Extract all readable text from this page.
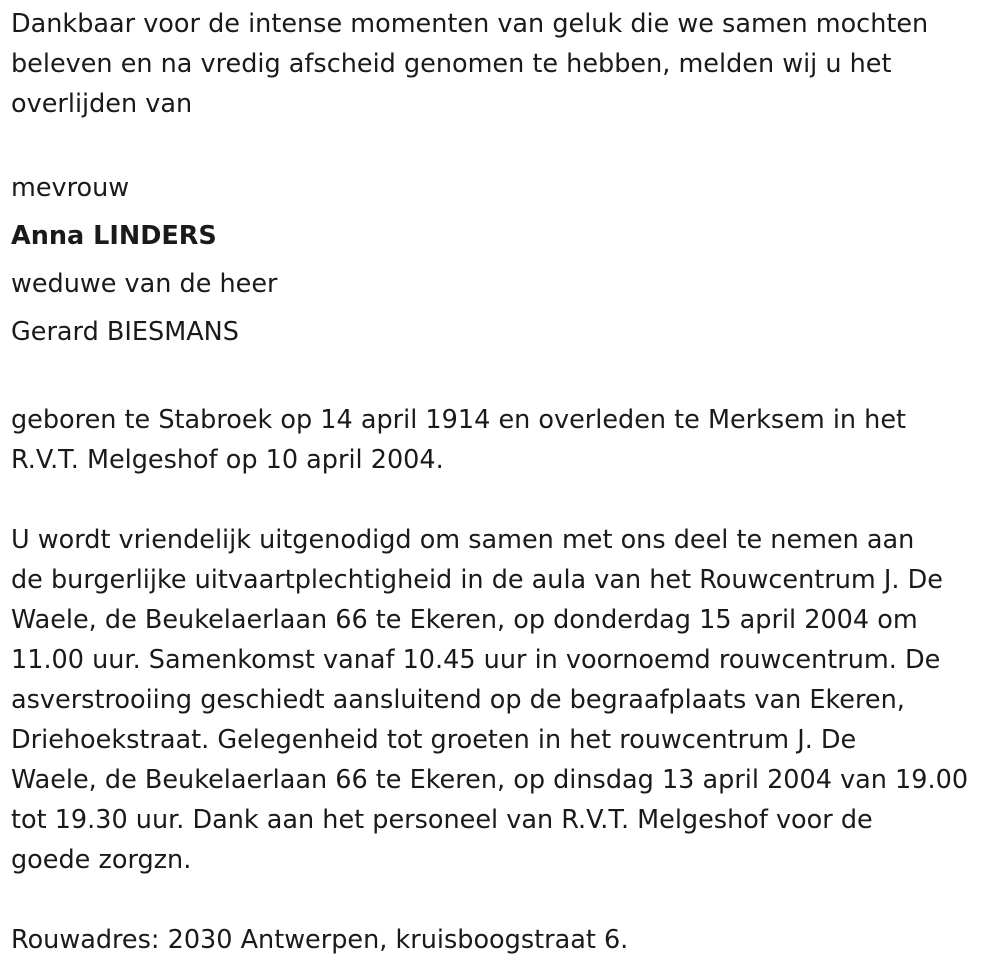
Dankbaar voor de intense momenten van geluk die we samen mochten
beleven en na vredig afscheid genomen te hebben, melden wij u het
overlijden van

mevrouw
Anna LINDERS
weduwe van de heer
Gerard BIESMANS

geboren te Stabroek op 14 april 1914 en overleden te Merksem in het
R.V.T. Melgeshof op 10 april 2004.

U wordt vriendelijk uitgenodigd om samen met ons deel te nemen aan
de burgerlijke uitvaartplechtigheid in de aula van het Rouwcentrum J. De
Waele, de Beukelaerlaan 66 te Ekeren, op donderdag 15 april 2004 om
11.00 uur. Samenkomst vanaf 10.45 uur in voornoemd rouwcentrum. De
asverstrooiing geschiedt aansluitend op de begraafplaats van Ekeren,
Driehoekstraat. Gelegenheid tot groeten in het rouwcentrum J. De
Waele, de Beukelaerlaan 66 te Ekeren, op dinsdag 13 april 2004 van 19.00
tot 19.30 uur. Dank aan het personeel van R.V.T. Melgeshof voor de
goede zorgzn.

Rouwadres: 2030 Antwerpen, kruisboogstraat 6.
